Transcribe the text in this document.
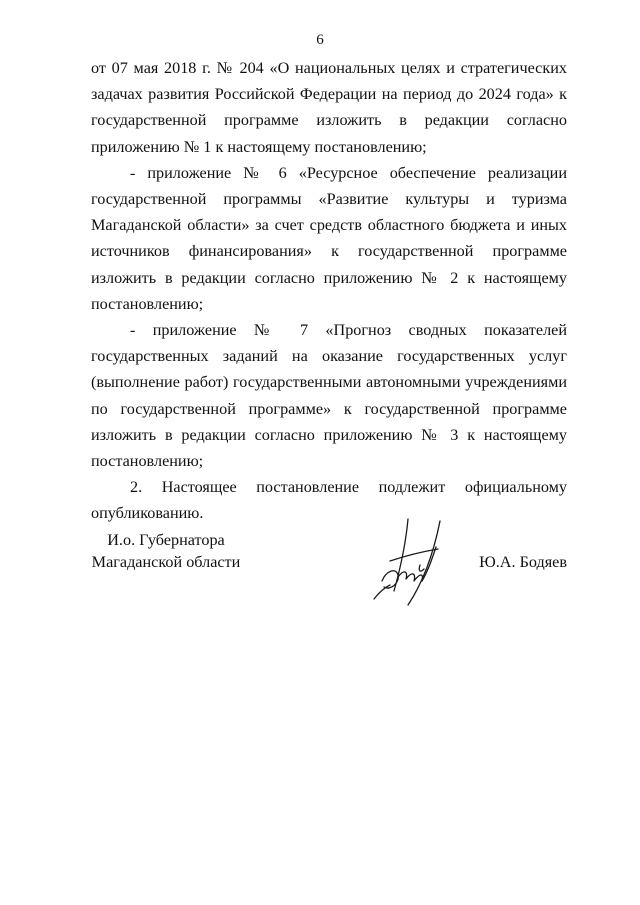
6

от 07 мая 2018 г. № 204 «О национальных целях и стратегических задачах развития Российской Федерации на период до 2024 года» к государственной программе изложить в редакции согласно приложению № 1 к настоящему постановлению;

- приложение № 6 «Ресурсное обеспечение реализации государственной программы «Развитие культуры и туризма Магаданской области» за счет средств областного бюджета и иных источников финансирования» к государственной программе изложить в редакции согласно приложению № 2 к настоящему постановлению;

- приложение № 7 «Прогноз сводных показателей государственных заданий на оказание государственных услуг (выполнение работ) государственными автономными учреждениями по государственной программе» к государственной программе изложить в редакции согласно приложению № 3 к настоящему постановлению;

2. Настоящее постановление подлежит официальному опубликованию.

И.о. Губернатора
Магаданской области	Ю.А. Бодяев
